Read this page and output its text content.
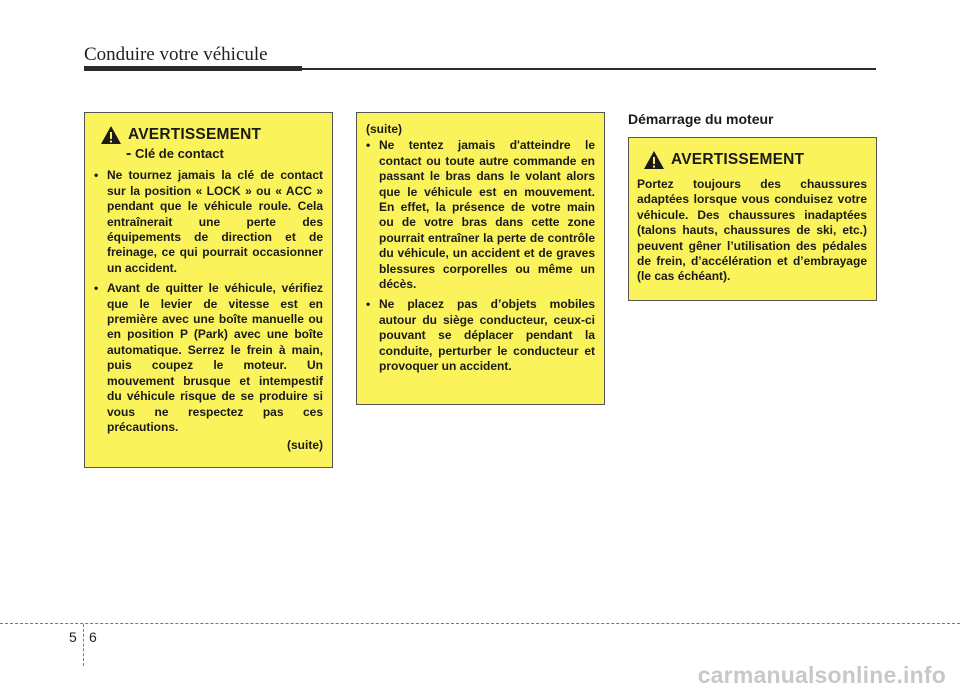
Conduire votre véhicule
AVERTISSEMENT
- Clé de contact
• Ne tournez jamais la clé de contact sur la position « LOCK » ou « ACC » pendant que le véhicule roule. Cela entraînerait une perte des équipements de direction et de freinage, ce qui pourrait occasionner un accident.
• Avant de quitter le véhicule, vérifiez que le levier de vitesse est en première avec une boîte manuelle ou en position P (Park) avec une boîte automatique. Serrez le frein à main, puis coupez le moteur. Un mouvement brusque et intempestif du véhicule risque de se produire si vous ne respectez pas ces précautions.
(suite)
(suite)
• Ne tentez jamais d'atteindre le contact ou toute autre commande en passant le bras dans le volant alors que le véhicule est en mouvement. En effet, la présence de votre main ou de votre bras dans cette zone pourrait entraîner la perte de contrôle du véhicule, un accident et de graves blessures corporelles ou même un décès.
• Ne placez pas d’objets mobiles autour du siège conducteur, ceux-ci pouvant se déplacer pendant la conduite, perturber le conducteur et provoquer un accident.
Démarrage du moteur
AVERTISSEMENT

Portez toujours des chaussures adaptées lorsque vous conduisez votre véhicule. Des chaussures inadaptées (talons hauts, chaussures de ski, etc.) peuvent gêner l’utilisation des pédales de frein, d’accélération et d’embrayage (le cas échéant).

5 6
carmanualsonline.info
